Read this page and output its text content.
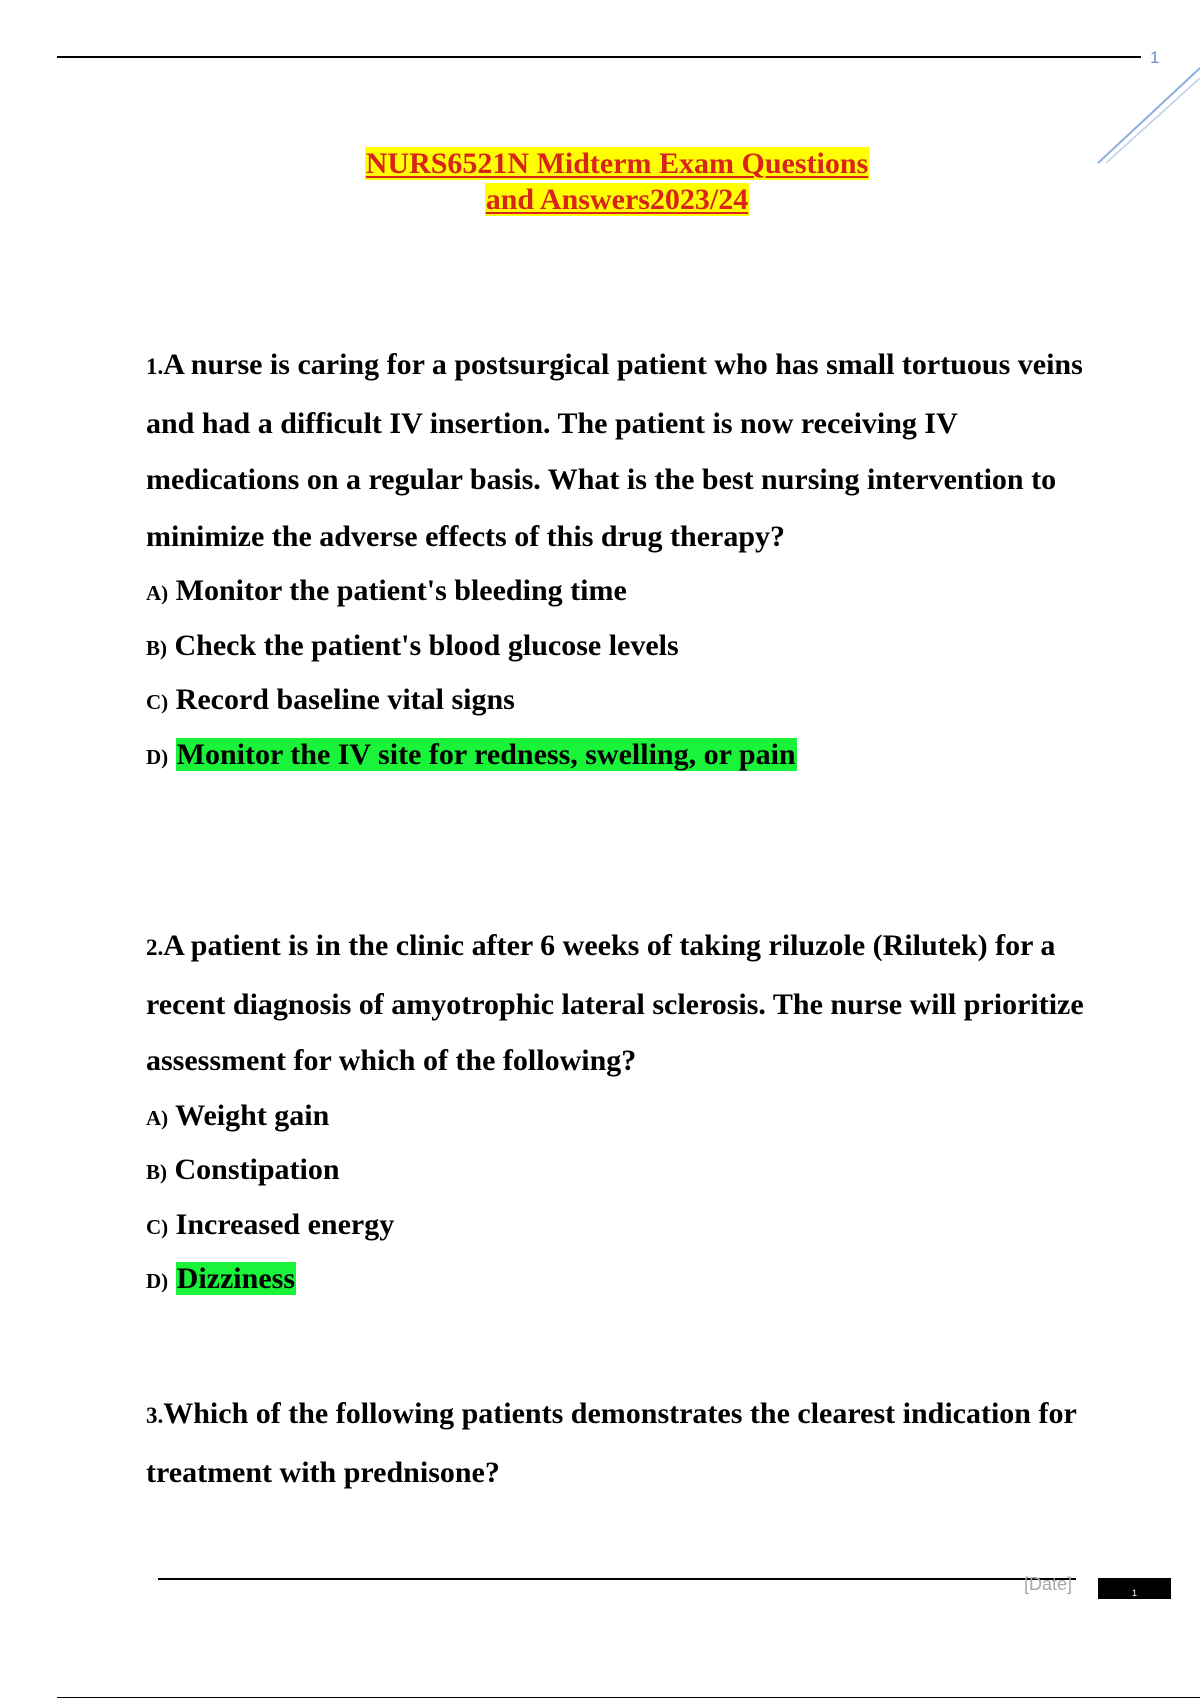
1
NURS6521N Midterm Exam Questions
and Answers2023/24
1.A nurse is caring for a postsurgical patient who has small tortuous veins and had a difficult IV insertion. The patient is now receiving IV medications on a regular basis. What is the best nursing intervention to minimize the adverse effects of this drug therapy?
A) Monitor the patient's bleeding time
B) Check the patient's blood glucose levels
C) Record baseline vital signs
D) Monitor the IV site for redness, swelling, or pain
2.A patient is in the clinic after 6 weeks of taking riluzole (Rilutek) for a recent diagnosis of amyotrophic lateral sclerosis. The nurse will prioritize assessment for which of the following?
A) Weight gain
B) Constipation
C) Increased energy
D) Dizziness
3.Which of the following patients demonstrates the clearest indication for treatment with prednisone?
[Date]	1
